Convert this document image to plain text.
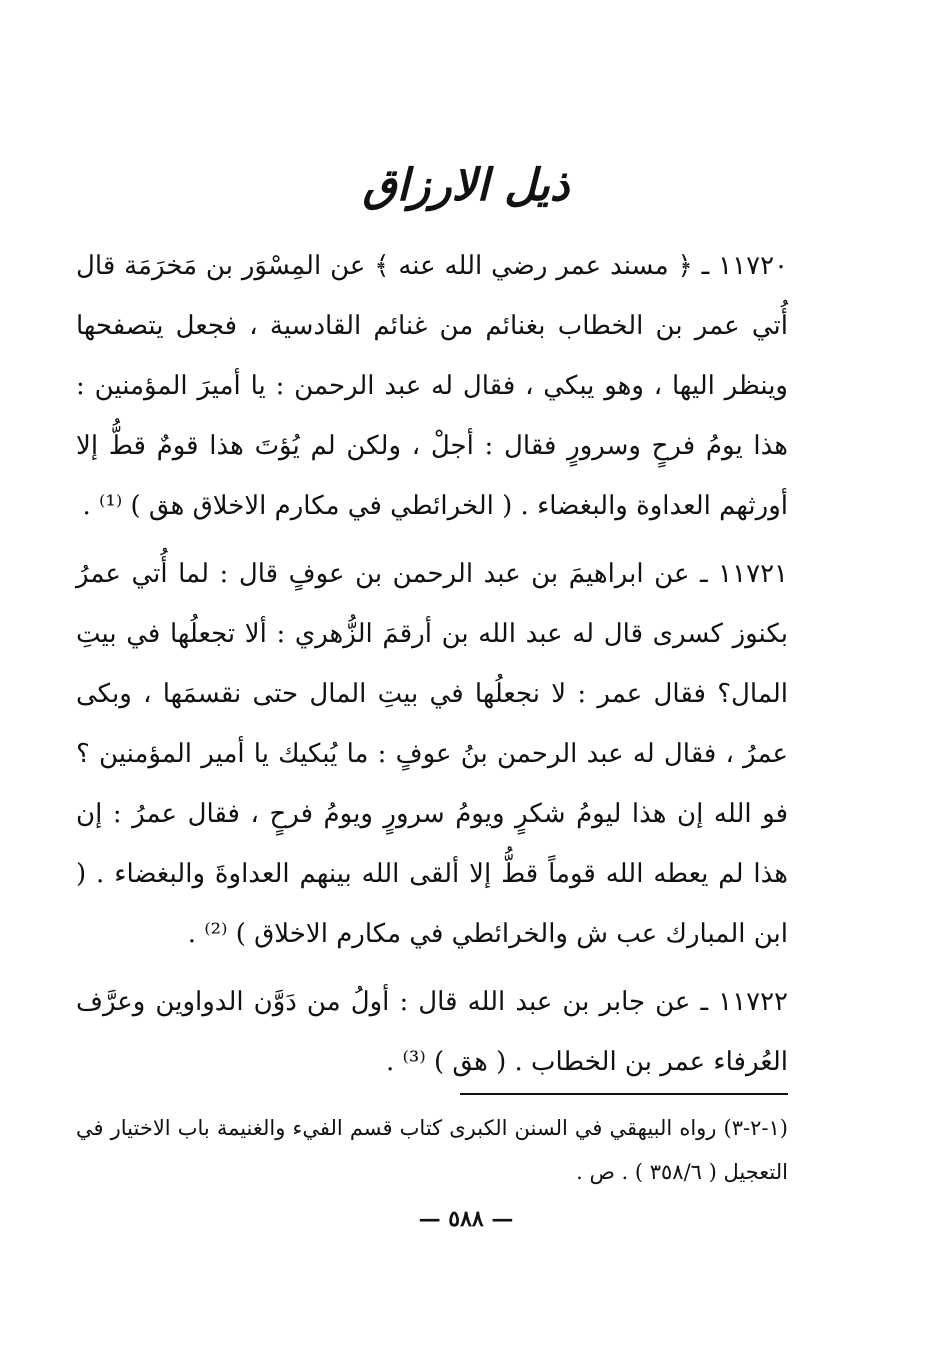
ذيل الارزاق

١١٧٢٠ ـ ﴿ مسند عمر رضي الله عنه ﴾ عن المِسْوَر بن مَخرَمَة قال أُتي عمر بن الخطاب بغنائم من غنائم القادسية ، فجعل يتصفحها وينظر اليها ، وهو يبكي ، فقال له عبد الرحمن : يا أميرَ المؤمنين : هذا يومُ فرحٍ وسرورٍ فقال : أجلْ ، ولكن لم يُؤتَ هذا قومٌ قطُّ إلا أورثهم العداوة والبغضاء . ( الخرائطي في مكارم الاخلاق هق ) ⁽¹⁾ .

١١٧٢١ ـ عن ابراهيمَ بن عبد الرحمن بن عوفٍ قال : لما أُتي عمرُ بكنوز كسرى قال له عبد الله بن أرقمَ الزُّهري : ألا تجعلُها في بيتِ المال؟ فقال عمر : لا نجعلُها في بيتِ المال حتى نقسمَها ، وبكى عمرُ ، فقال له عبد الرحمن بنُ عوفٍ : ما يُبكيك يا أمير المؤمنين ؟ فو الله إن هذا ليومُ شكرٍ ويومُ سرورٍ ويومُ فرحٍ ، فقال عمرُ : إن هذا لم يعطه الله قوماً قطُّ إلا ألقى الله بينهم العداوةَ والبغضاء . ( ابن المبارك عب ش والخرائطي في مكارم الاخلاق ) ⁽²⁾ .

١١٧٢٢ ـ عن جابر بن عبد الله قال : أولُ من دَوَّن الدواوين وعرَّف العُرفاء عمر بن الخطاب . ( هق ) ⁽³⁾ .

(١-٢-٣) رواه البيهقي في السنن الكبرى كتاب قسم الفيء والغنيمة باب الاختيار في التعجيل ( ٣٥٨/٦ ) . ص .
— ٥٨٨ —
